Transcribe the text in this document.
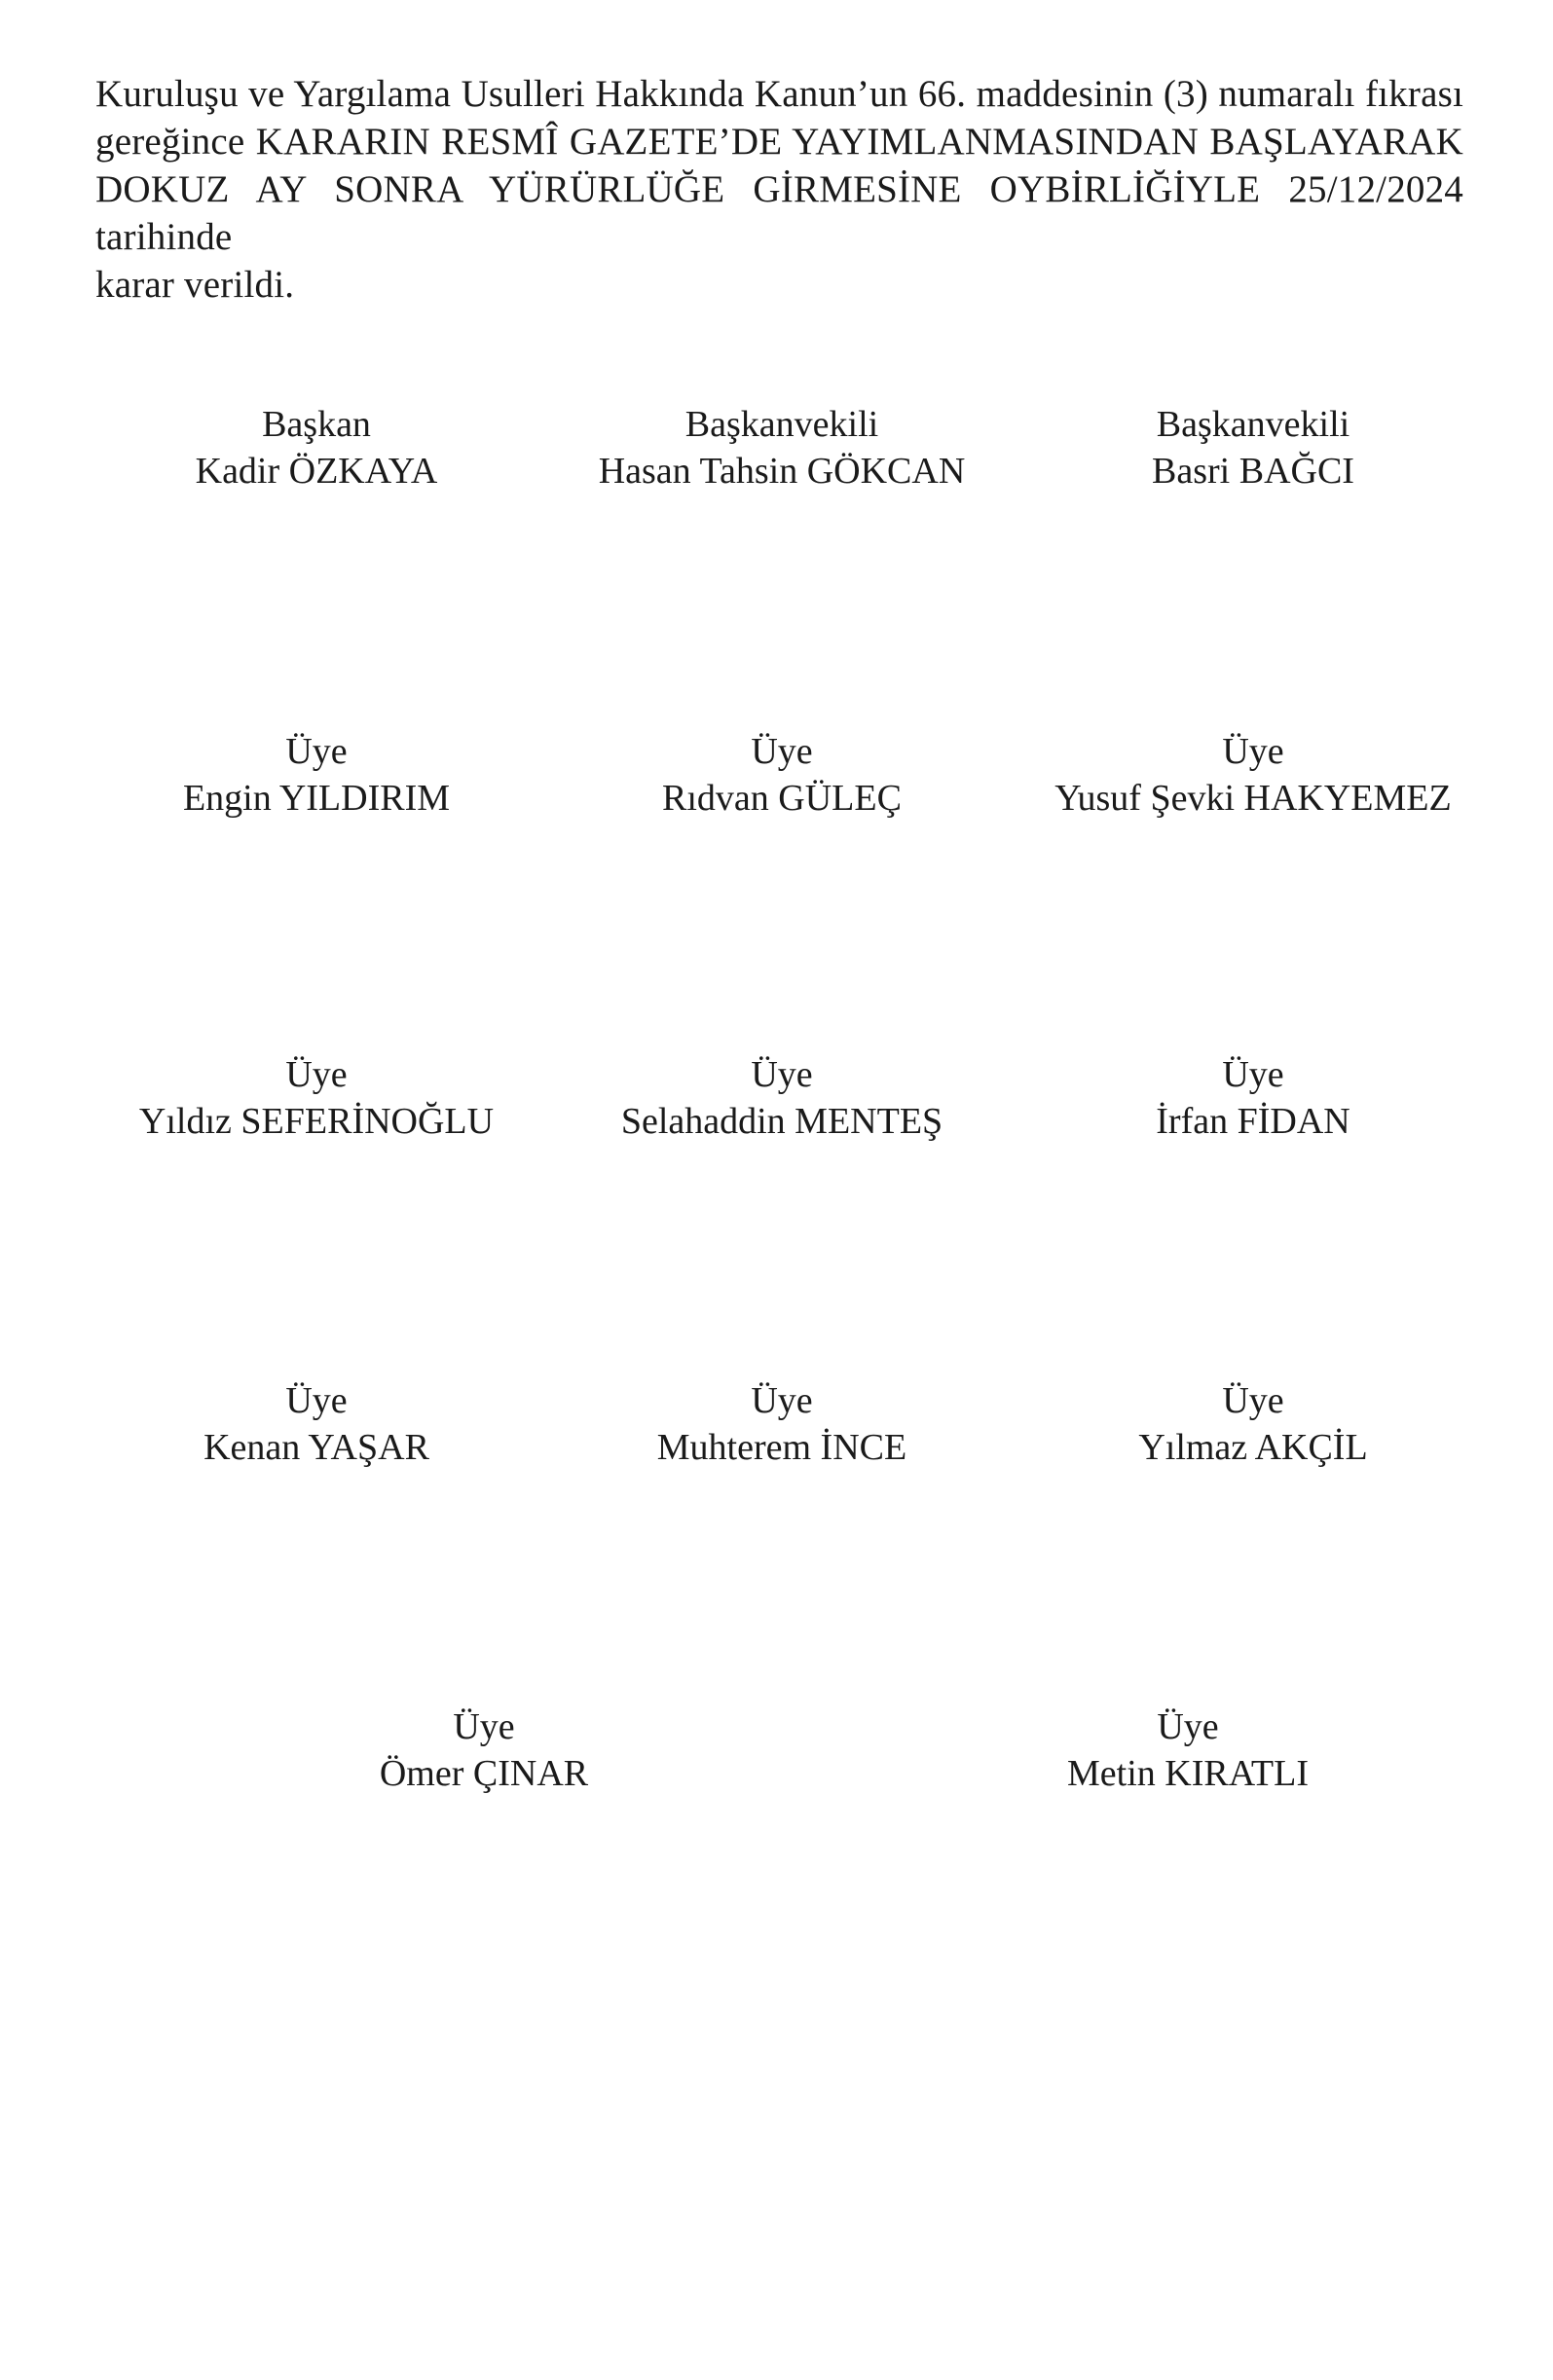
Kuruluşu ve Yargılama Usulleri Hakkında Kanun’un 66. maddesinin (3) numaralı fıkrası
gereğince KARARIN RESMÎ GAZETE’DE YAYIMLANMASINDAN BAŞLAYARAK
DOKUZ AY SONRA YÜRÜRLÜĞE GİRMESİNE OYBİRLİĞİYLE 25/12/2024 tarihinde
karar verildi.
Başkan
Kadir ÖZKAYA
Başkanvekili
Hasan Tahsin GÖKCAN
Başkanvekili
Basri BAĞCI
Üye
Engin YILDIRIM
Üye
Rıdvan GÜLEÇ
Üye
Yusuf Şevki HAKYEMEZ
Üye
Yıldız SEFERİNOĞLU
Üye
Selahaddin MENTEŞ
Üye
İrfan FİDAN
Üye
Kenan YAŞAR
Üye
Muhterem İNCE
Üye
Yılmaz AKÇİL
Üye
Ömer ÇINAR
Üye
Metin KIRATLI
